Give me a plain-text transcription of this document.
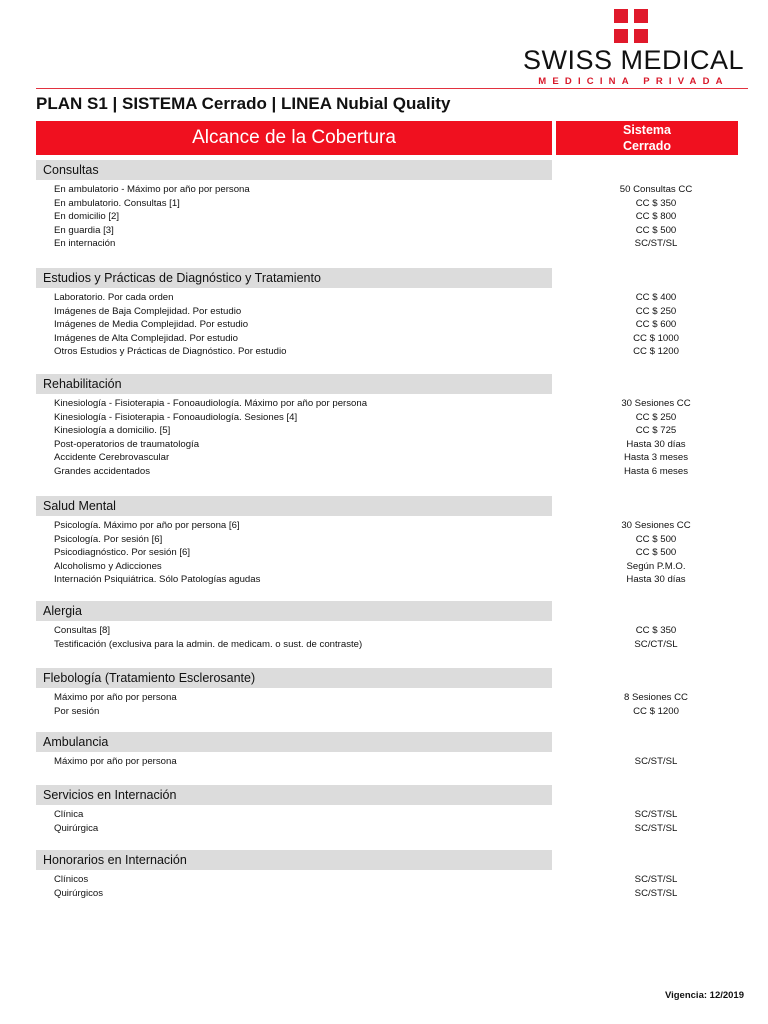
SWISS MEDICAL
MEDICINA PRIVADA
PLAN S1 | SISTEMA Cerrado | LINEA Nubial Quality
Alcance de la Cobertura	Sistema
Cerrado
Consultas
En ambulatorio - Máximo por año por persona	50 Consultas CC
En ambulatorio. Consultas [1]	CC $ 350
En domicilio [2]	CC $ 800
En guardia [3]	CC $ 500
En internación	SC/ST/SL
Estudios y Prácticas de Diagnóstico y Tratamiento
Laboratorio. Por cada orden	CC $ 400
Imágenes de Baja Complejidad. Por estudio	CC $ 250
Imágenes de Media Complejidad. Por estudio	CC $ 600
Imágenes de Alta Complejidad. Por estudio	CC $ 1000
Otros Estudios y Prácticas de Diagnóstico. Por estudio	CC $ 1200
Rehabilitación
Kinesiología - Fisioterapia - Fonoaudiología. Máximo por año por persona	30 Sesiones CC
Kinesiología - Fisioterapia - Fonoaudiología. Sesiones [4]	CC $ 250
Kinesiología a domicilio. [5]	CC $ 725
Post-operatorios de traumatología	Hasta 30 días
Accidente Cerebrovascular	Hasta 3 meses
Grandes accidentados	Hasta 6 meses
Salud Mental
Psicología. Máximo por año por persona [6]	30 Sesiones CC
Psicología. Por sesión [6]	CC $ 500
Psicodiagnóstico. Por sesión [6]	CC $ 500
Alcoholismo y Adicciones	Según P.M.O.
Internación Psiquiátrica. Sólo Patologías agudas	Hasta 30 días
Alergia
Consultas [8]	CC $ 350
Testificación (exclusiva para la admin. de medicam. o sust. de contraste)	SC/CT/SL
Flebología (Tratamiento Esclerosante)
Máximo por año por persona	8 Sesiones CC
Por sesión	CC $ 1200
Ambulancia
Máximo por año por persona	SC/ST/SL
Servicios en Internación
Clínica	SC/ST/SL
Quirúrgica	SC/ST/SL
Honorarios en Internación
Clínicos	SC/ST/SL
Quirúrgicos	SC/ST/SL
Vigencia: 12/2019
